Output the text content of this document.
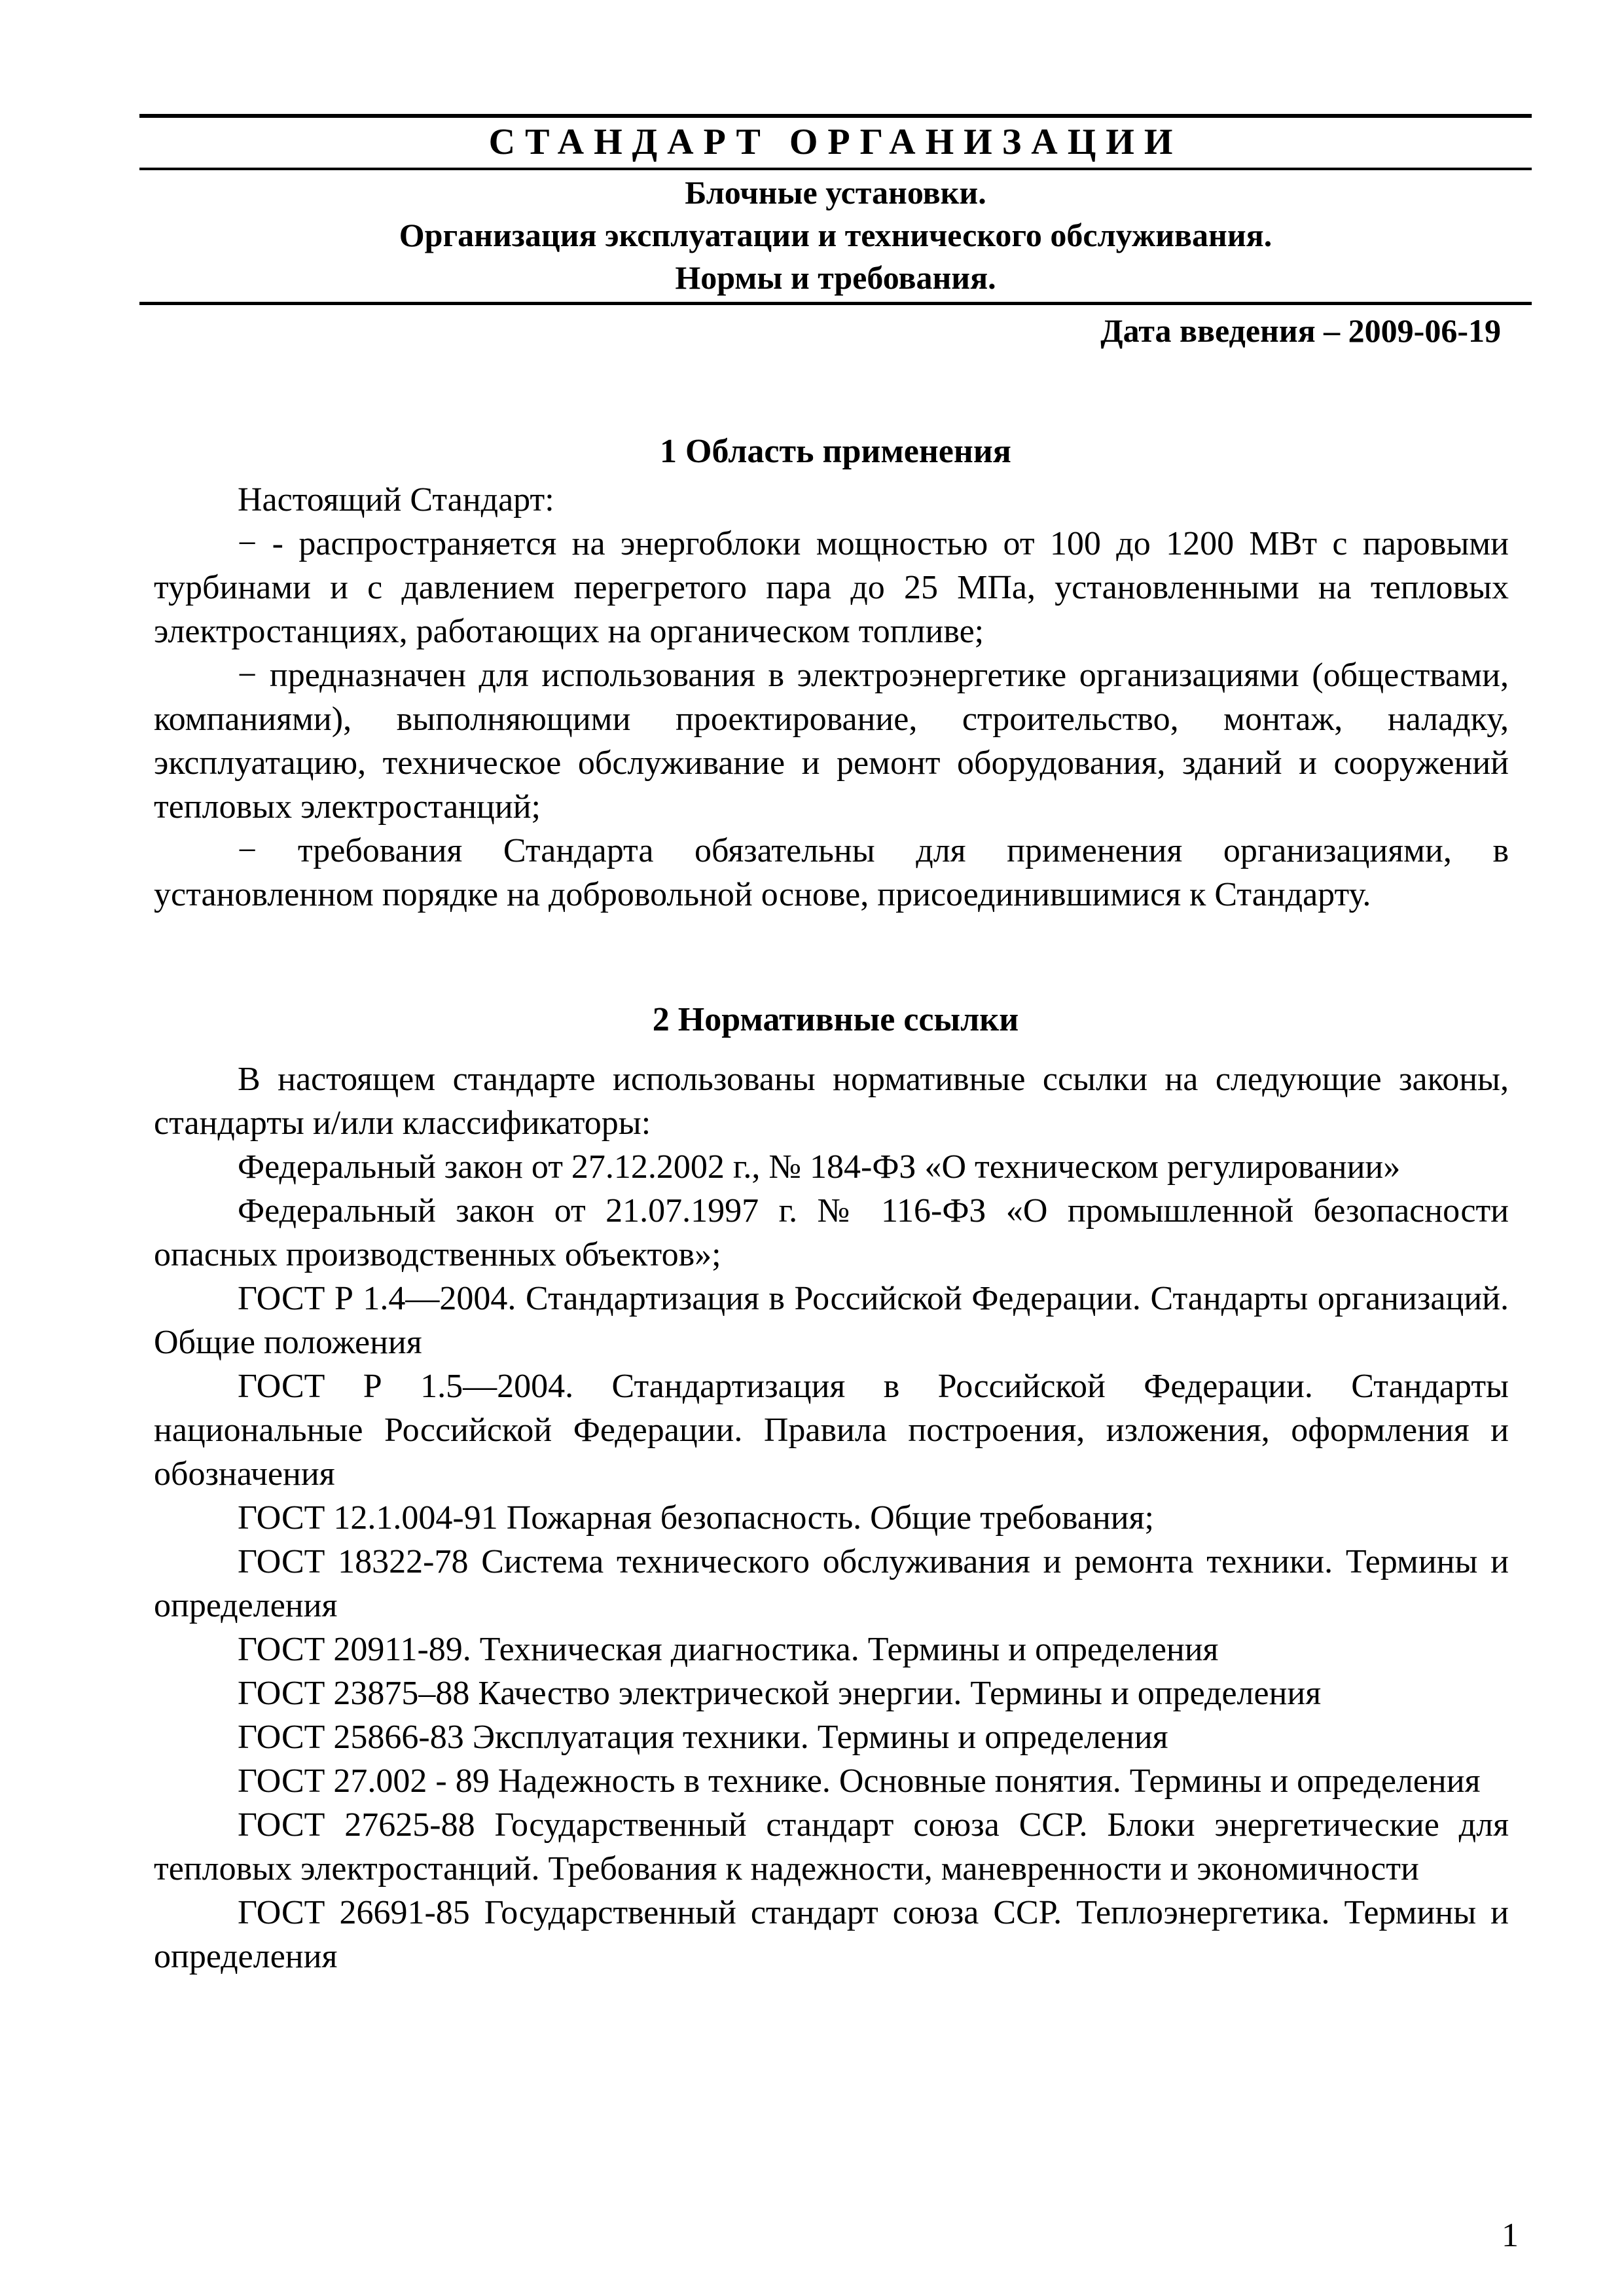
СТАНДАРТ ОРГАНИЗАЦИИ
Блочные установки.
Организация эксплуатации и технического обслуживания.
Нормы и требования.
Дата введения – 2009-06-19
1 Область применения

Настоящий Стандарт:

− - распространяется на энергоблоки мощностью от 100 до 1200 МВт с паровыми турбинами и с давлением перегретого пара до 25 МПа, установленными на тепловых электростанциях, работающих на органическом топливе;

− предназначен для использования в электроэнергетике организациями (обществами, компаниями), выполняющими проектирование, строительство, монтаж, наладку, эксплуатацию, техническое обслуживание и ремонт оборудования, зданий и сооружений тепловых электростанций;

− требования Стандарта обязательны для применения организациями, в установленном порядке на добровольной основе, присоединившимися к Стандарту.

2 Нормативные ссылки

В настоящем стандарте использованы нормативные ссылки на следующие законы, стандарты и/или классификаторы:

Федеральный закон от 27.12.2002 г., № 184-ФЗ «О техническом регулировании»

Федеральный закон от 21.07.1997 г. № 116-ФЗ «О промышленной безопасности опасных производственных объектов»;

ГОСТ Р 1.4—2004. Стандартизация в Российской Федерации. Стандарты организаций. Общие положения

ГОСТ Р 1.5—2004. Стандартизация в Российской Федерации. Стандарты национальные Российской Федерации. Правила построения, изложения, оформления и обозначения

ГОСТ 12.1.004-91 Пожарная безопасность. Общие требования;

ГОСТ 18322-78 Система технического обслуживания и ремонта техники. Термины и определения

ГОСТ 20911-89. Техническая диагностика. Термины и определения

ГОСТ 23875–88 Качество электрической энергии. Термины и определения

ГОСТ 25866-83 Эксплуатация техники. Термины и определения

ГОСТ 27.002 - 89 Надежность в технике. Основные понятия. Термины и определения

ГОСТ 27625-88 Государственный стандарт союза ССР. Блоки энергетические для тепловых электростанций. Требования к надежности, маневренности и экономичности

ГОСТ 26691-85 Государственный стандарт союза ССР. Теплоэнергетика. Термины и определения

1
